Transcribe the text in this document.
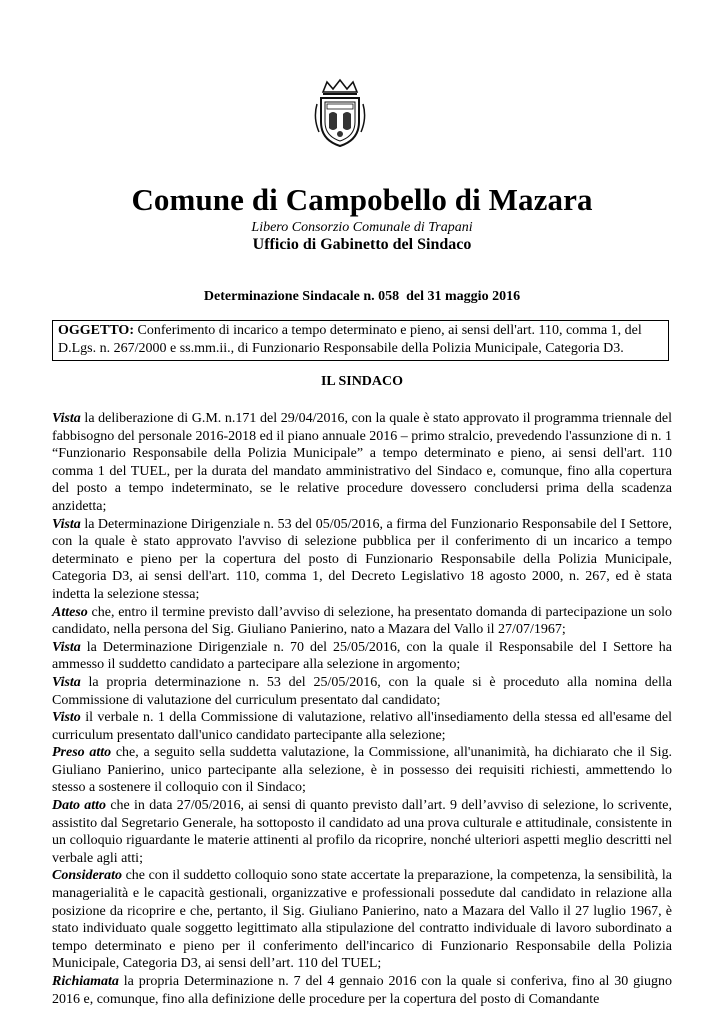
Comune di Campobello di Mazara
Libero Consorzio Comunale di Trapani
Ufficio di Gabinetto del Sindaco
Determinazione Sindacale n. 058  del 31 maggio 2016
OGGETTO: Conferimento di incarico a tempo determinato e pieno, ai sensi dell'art. 110, comma 1, del D.Lgs. n. 267/2000 e ss.mm.ii., di Funzionario Responsabile della Polizia Municipale, Categoria D3.
IL SINDACO

Vista la deliberazione di G.M. n.171 del 29/04/2016, con la quale è stato approvato il programma triennale del fabbisogno del personale 2016-2018 ed il piano annuale 2016 – primo stralcio, prevedendo l'assunzione di n. 1 “Funzionario Responsabile della Polizia Municipale” a tempo determinato e pieno, ai sensi dell'art. 110 comma 1 del TUEL, per la durata del mandato amministrativo del Sindaco e, comunque, fino alla copertura del posto a tempo indeterminato, se le relative procedure dovessero concludersi prima della scadenza anzidetta;

Vista la Determinazione Dirigenziale n. 53 del 05/05/2016, a firma del Funzionario Responsabile del I Settore, con la quale è stato approvato l'avviso di selezione pubblica per il conferimento di un incarico a tempo determinato e pieno per la copertura del posto di Funzionario Responsabile della Polizia Municipale, Categoria D3, ai sensi dell'art. 110, comma 1, del Decreto Legislativo 18 agosto 2000, n. 267, ed è stata indetta la selezione stessa;

Atteso che, entro il termine previsto dall’avviso di selezione, ha presentato domanda di partecipazione un solo candidato, nella persona del Sig. Giuliano Panierino, nato a Mazara del Vallo il 27/07/1967;

Vista la Determinazione Dirigenziale n. 70 del 25/05/2016, con la quale il Responsabile del I Settore ha ammesso il suddetto candidato a partecipare alla selezione in argomento;

Vista la propria determinazione n. 53 del 25/05/2016, con la quale si è proceduto alla nomina della Commissione di valutazione del curriculum presentato dal candidato;

Visto il verbale n. 1 della Commissione di valutazione, relativo all'insediamento della stessa ed all'esame del curriculum presentato dall'unico candidato partecipante alla selezione;

Preso atto che, a seguito sella suddetta valutazione, la Commissione, all'unanimità, ha dichiarato che il Sig. Giuliano Panierino, unico partecipante alla selezione, è in possesso dei requisiti richiesti, ammettendo lo stesso a sostenere il colloquio con il Sindaco;

Dato atto che in data 27/05/2016, ai sensi di quanto previsto dall’art. 9 dell’avviso di selezione, lo scrivente, assistito dal Segretario Generale, ha sottoposto il candidato ad una prova culturale e attitudinale, consistente in un colloquio riguardante le materie attinenti al profilo da ricoprire, nonché ulteriori aspetti meglio descritti nel verbale agli atti;

Considerato che con il suddetto colloquio sono state accertate la preparazione, la competenza, la sensibilità, la managerialità e le capacità gestionali, organizzative e professionali possedute dal candidato in relazione alla posizione da ricoprire e che, pertanto, il Sig. Giuliano Panierino, nato a Mazara del Vallo il 27 luglio 1967, è stato individuato quale soggetto legittimato alla stipulazione del contratto individuale di lavoro subordinato a tempo determinato e pieno per il conferimento dell'incarico di Funzionario Responsabile della Polizia Municipale, Categoria D3, ai sensi dell’art. 110 del TUEL;

Richiamata la propria Determinazione n. 7 del 4 gennaio 2016 con la quale si conferiva, fino al 30 giugno 2016 e, comunque, fino alla definizione delle procedure per la copertura del posto di Comandante
